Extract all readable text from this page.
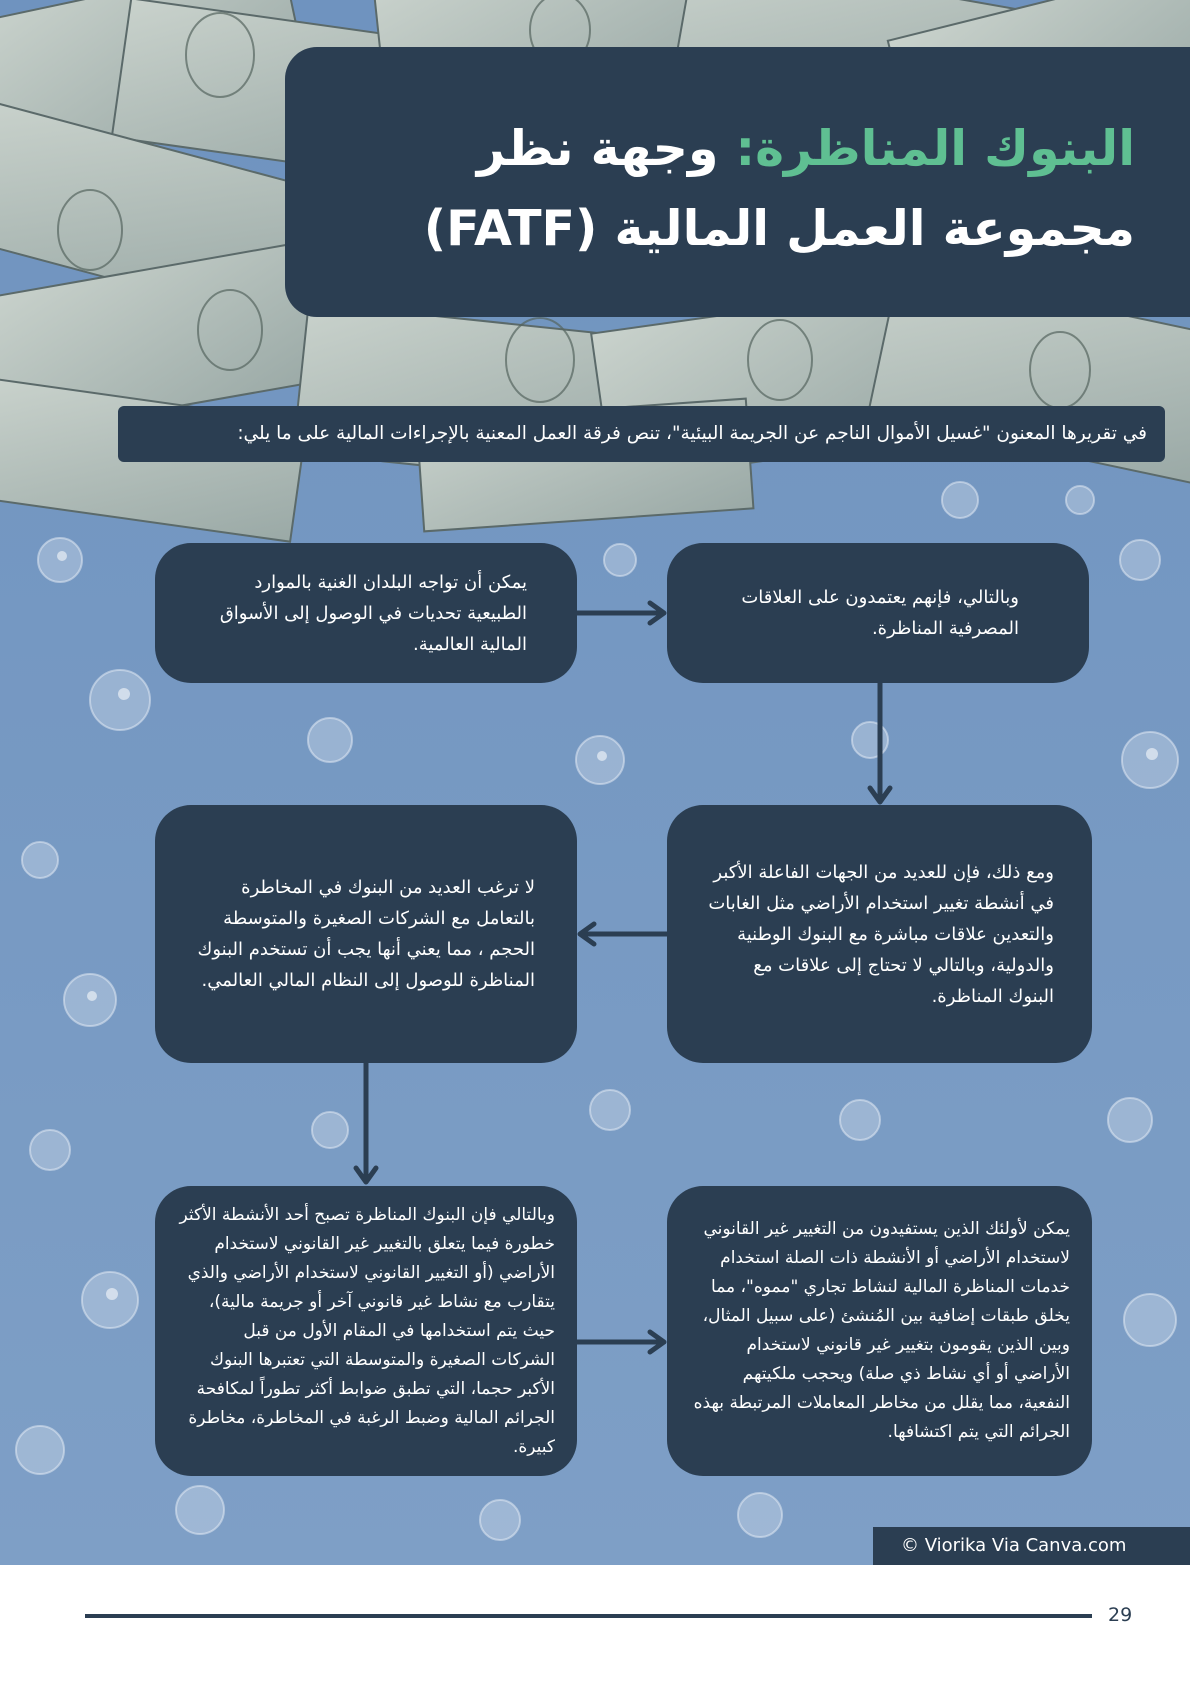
البنوك المناظرة: وجهة نظر مجموعة العمل المالية (FATF)
في تقريرها المعنون "غسيل الأموال الناجم عن الجريمة البيئية"، تنص فرقة العمل المعنية بالإجراءات المالية على ما يلي:
يمكن أن تواجه البلدان الغنية بالموارد الطبيعية تحديات في الوصول إلى الأسواق المالية العالمية.
وبالتالي، فإنهم يعتمدون على العلاقات المصرفية المناظرة.
لا ترغب العديد من البنوك في المخاطرة بالتعامل مع الشركات الصغيرة والمتوسطة الحجم ، مما يعني أنها يجب أن تستخدم البنوك المناظرة للوصول إلى النظام المالي العالمي.
ومع ذلك، فإن للعديد من الجهات الفاعلة الأكبر في أنشطة تغيير استخدام الأراضي مثل الغابات والتعدين علاقات مباشرة مع البنوك الوطنية والدولية، وبالتالي لا تحتاج إلى علاقات مع البنوك المناظرة.
وبالتالي فإن البنوك المناظرة تصبح أحد الأنشطة الأكثر خطورة فيما يتعلق بالتغيير غير القانوني لاستخدام الأراضي (أو التغيير القانوني لاستخدام الأراضي والذي يتقارب مع نشاط غير قانوني آخر أو جريمة مالية)، حيث يتم استخدامها في المقام الأول من قبل الشركات الصغيرة والمتوسطة التي تعتبرها البنوك الأكبر حجما، التي تطبق ضوابط أكثر تطوراً لمكافحة الجرائم المالية وضبط الرغبة في المخاطرة، مخاطرة كبيرة.
يمكن لأولئك الذين يستفيدون من التغيير غير القانوني لاستخدام الأراضي أو الأنشطة ذات الصلة استخدام خدمات المناظرة المالية لنشاط تجاري "مموه"، مما يخلق طبقات إضافية بين المُنشئ (على سبيل المثال، وبين الذين يقومون بتغيير غير قانوني لاستخدام الأراضي أو أي نشاط ذي صلة) ويحجب ملكيتهم النفعية، مما يقلل من مخاطر المعاملات المرتبطة بهذه الجرائم التي يتم اكتشافها.
© Viorika Via Canva.com
29
